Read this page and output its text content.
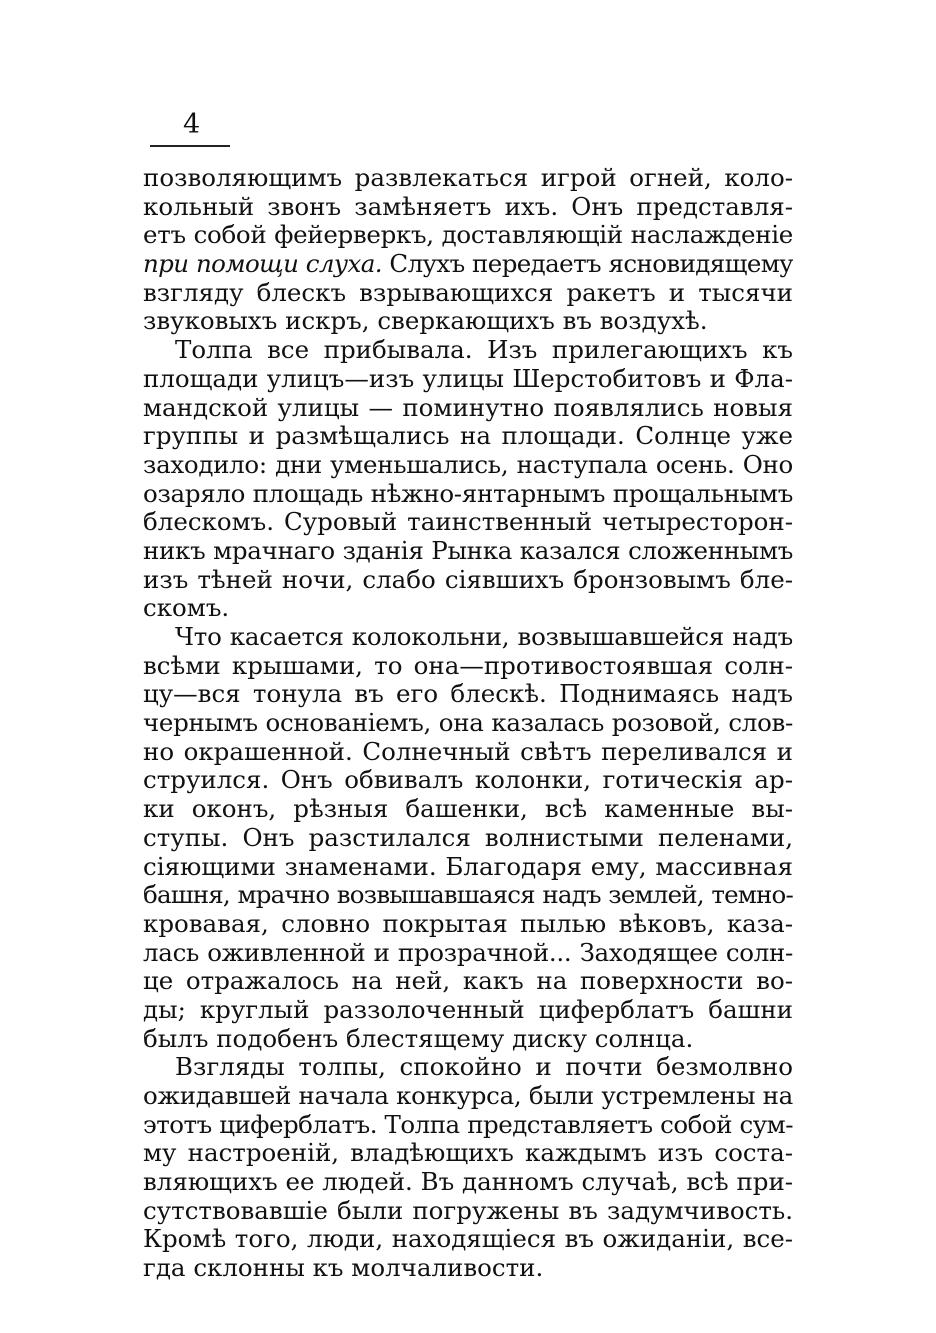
4
позволяющимъ развлекаться игрой огней, коло-
кольный звонъ замѣняетъ ихъ. Онъ представля-
етъ собой фейерверкъ, доставляющій наслажденіе
при помощи слуха. Слухъ передаетъ ясновидящему
взгляду блескъ взрывающихся ракетъ и тысячи
звуковыхъ искръ, сверкающихъ въ воздухѣ.
Толпа все прибывала. Изъ прилегающихъ къ
площади улицъ—изъ улицы Шерстобитовъ и Фла-
мандской улицы — поминутно появлялись новыя
группы и размѣщались на площади. Солнце уже
заходило: дни уменьшались, наступала осень. Оно
озаряло площадь нѣжно-янтарнымъ прощальнымъ
блескомъ. Суровый таинственный четыресторон-
никъ мрачнаго зданія Рынка казался сложеннымъ
изъ тѣней ночи, слабо сіявшихъ бронзовымъ бле-
скомъ.
Что касается колокольни, возвышавшейся надъ
всѣми крышами, то она—противостоявшая солн-
цу—вся тонула въ его блескѣ. Поднимаясь надъ
чернымъ основаніемъ, она казалась розовой, слов-
но окрашенной. Солнечный свѣтъ переливался и
струился. Онъ обвивалъ колонки, готическія ар-
ки оконъ, рѣзныя башенки, всѣ каменные вы-
ступы. Онъ разстилался волнистыми пеленами,
сіяющими знаменами. Благодаря ему, массивная
башня, мрачно возвышавшаяся надъ землей, темно-
кровавая, словно покрытая пылью вѣковъ, каза-
лась оживленной и прозрачной... Заходящее солн-
це отражалось на ней, какъ на поверхности во-
ды; круглый раззолоченный циферблатъ башни
былъ подобенъ блестящему диску солнца.
Взгляды толпы, спокойно и почти безмолвно
ожидавшей начала конкурса, были устремлены на
этотъ циферблатъ. Толпа представляетъ собой сум-
му настроеній, владѣющихъ каждымъ изъ соста-
вляющихъ ее людей. Въ данномъ случаѣ, всѣ при-
сутствовавшіе были погружены въ задумчивость.
Кромѣ того, люди, находящіеся въ ожиданіи, все-
гда склонны къ молчаливости.
